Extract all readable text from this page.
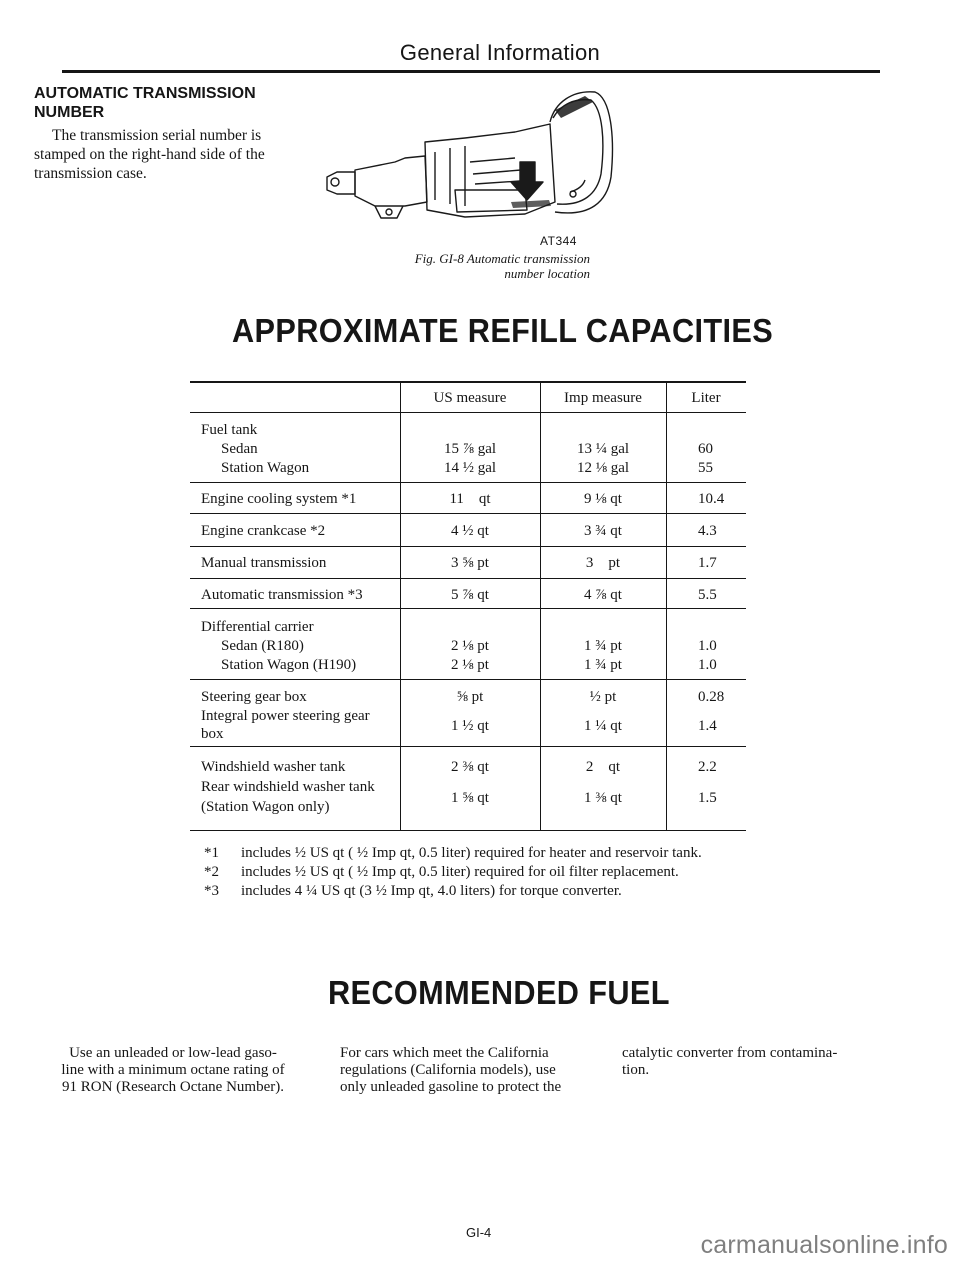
General Information
AUTOMATIC TRANSMISSION
NUMBER
The transmission serial number is
stamped on the right-hand side of the
transmission case.
AT344
Fig. GI-8 Automatic transmission
number location
APPROXIMATE REFILL CAPACITIES
US measure	Imp measure	Liter
Fuel tank
Sedan	15 ⅞ gal	13 ¼ gal	60
Station Wagon	14 ½ gal	12 ⅛ gal	55
Engine cooling system *1	11    qt	9 ⅛ qt	10.4
Engine crankcase *2	4 ½ qt	3 ¾ qt	4.3
Manual transmission	3 ⅝ pt	3    pt	1.7
Automatic transmission *3	5 ⅞ qt	4 ⅞ qt	5.5
Differential carrier
Sedan (R180)	2 ⅛ pt	1 ¾ pt	1.0
Station Wagon (H190)	2 ⅛ pt	1 ¾ pt	1.0
Steering gear box	⅝ pt	½ pt	0.28
Integral power steering gear
box	1 ½ qt	1 ¼ qt	1.4
Windshield washer tank	2 ⅜ qt	2    qt	2.2
Rear windshield washer tank
(Station Wagon only)
1 ⅝ qt	1 ⅜ qt	1.5
*1 includes ½ US qt ( ½ Imp qt, 0.5 liter) required for heater and reservoir tank.
*2 includes ½ US qt ( ½ Imp qt, 0.5 liter) required for oil filter replacement.
*3 includes 4 ¼ US qt (3 ½ Imp qt, 4.0 liters) for torque converter.
RECOMMENDED FUEL
Use an unleaded or low-lead gaso-
line with a minimum octane rating of
91 RON (Research Octane Number).
For cars which meet the California
regulations (California models), use
only unleaded gasoline to protect the
catalytic converter from contamina-
tion.
GI-4	carmanualsonline.info
